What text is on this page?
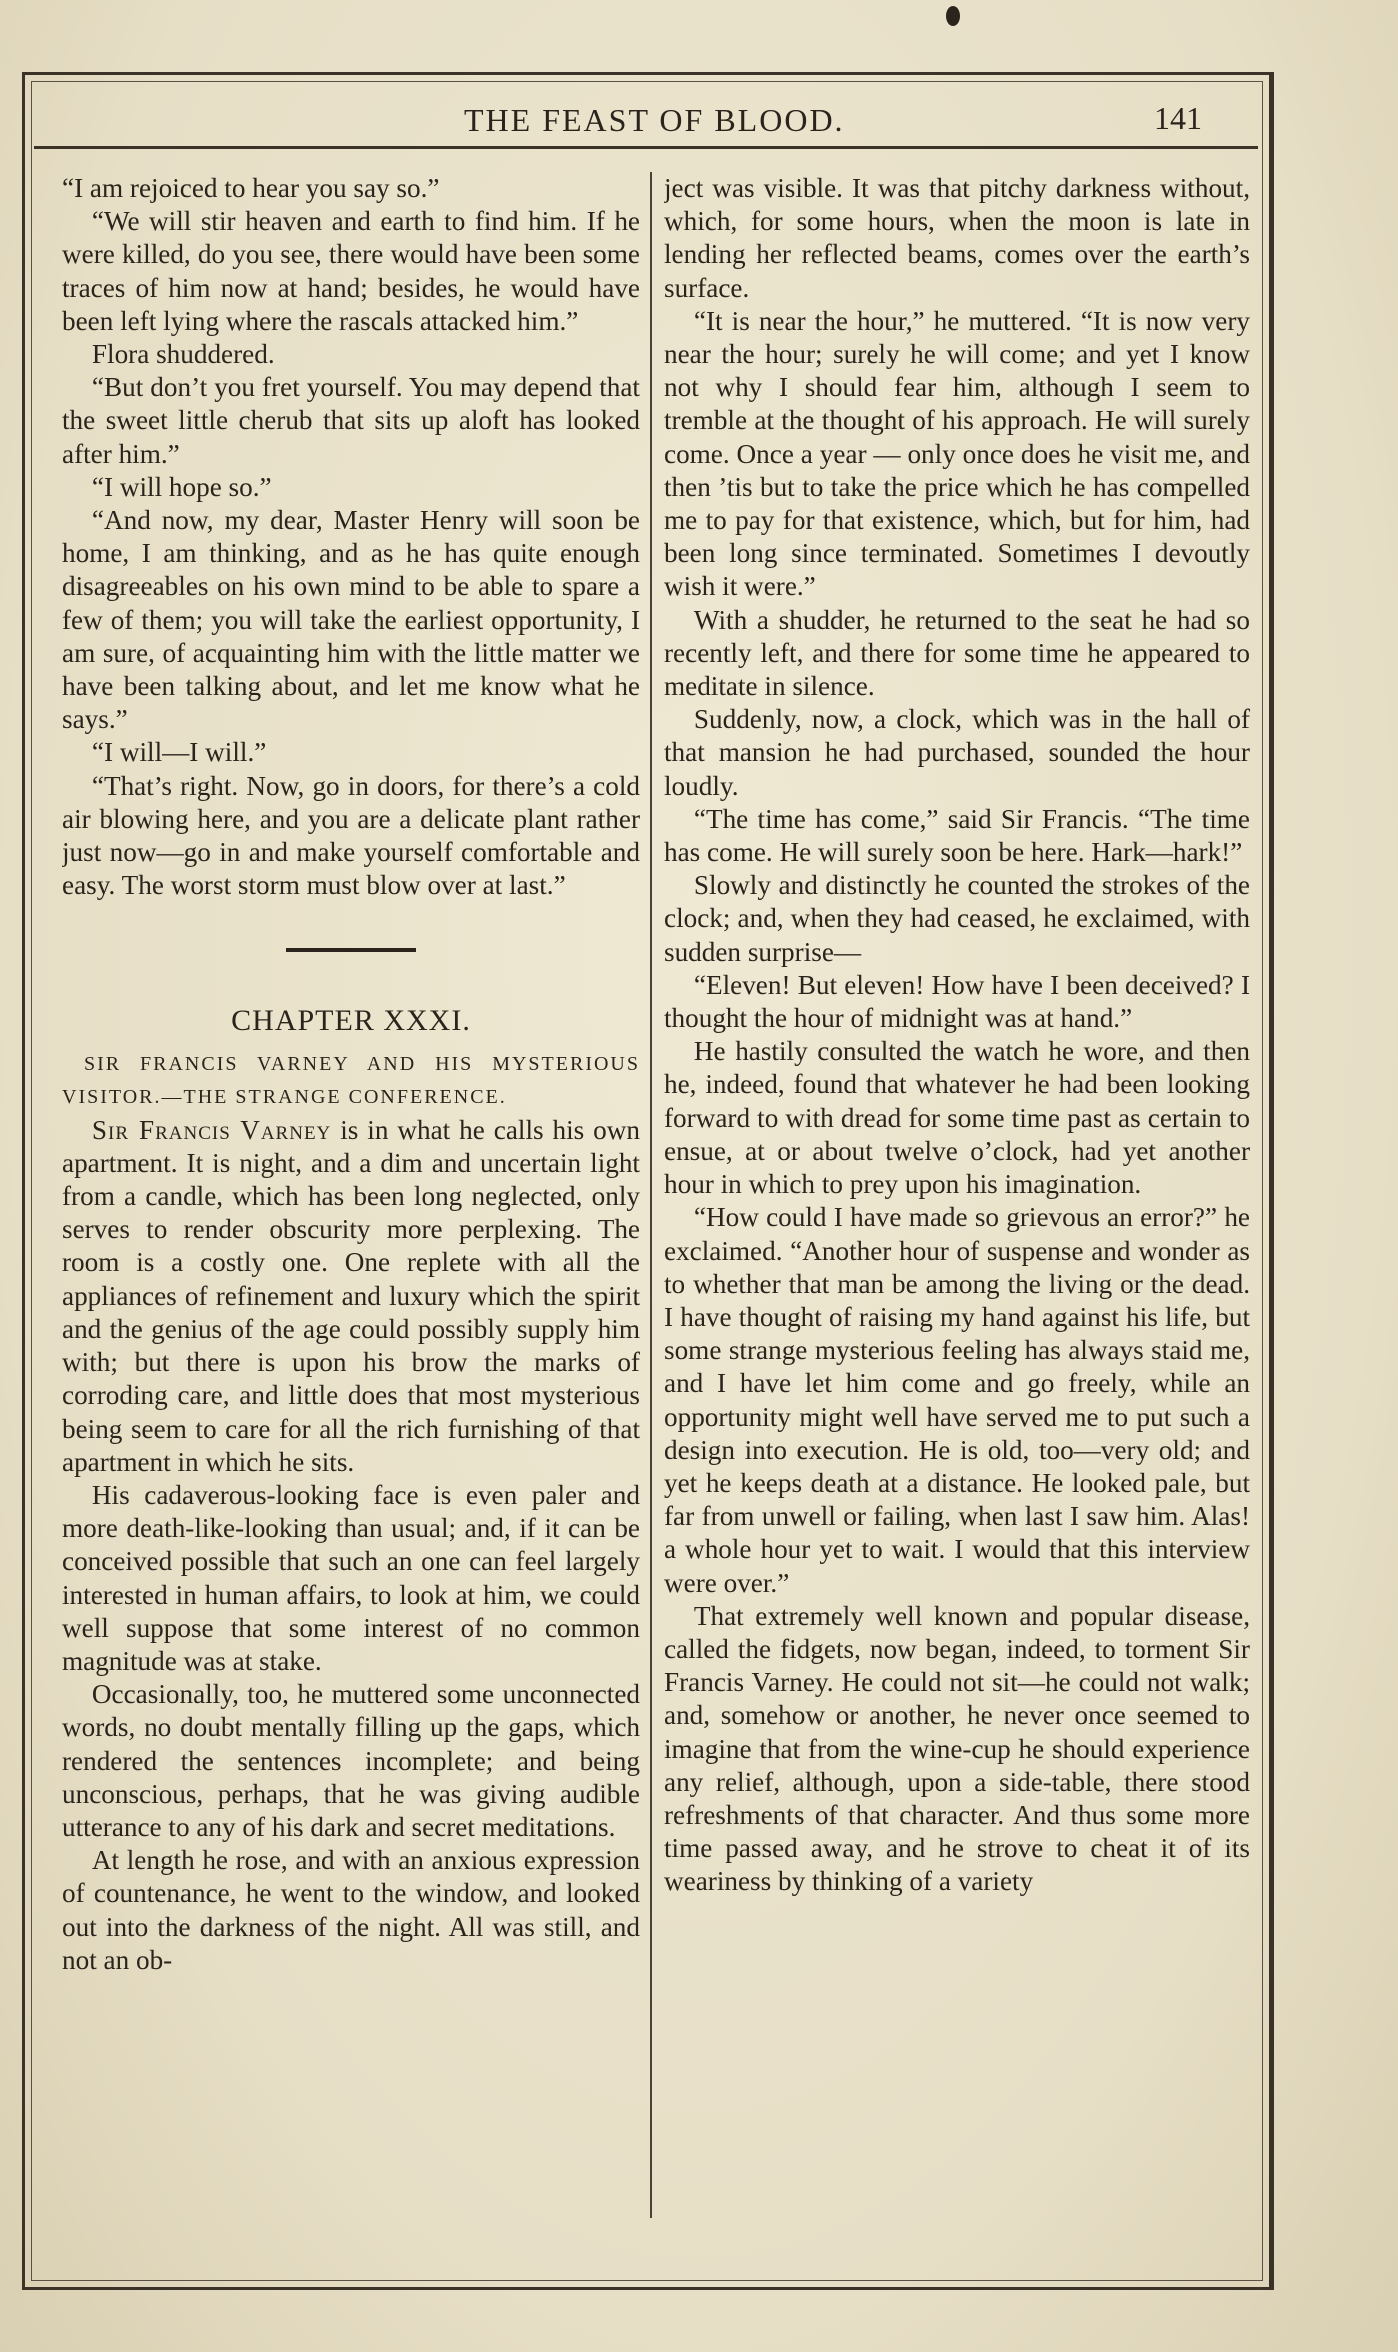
THE FEAST OF BLOOD.	141

“I am rejoiced to hear you say so.”

“We will stir heaven and earth to find him. If he were killed, do you see, there would have been some traces of him now at hand; besides, he would have been left lying where the rascals attacked him.”

Flora shuddered.

“But don’t you fret yourself. You may depend that the sweet little cherub that sits up aloft has looked after him.”

“I will hope so.”

“And now, my dear, Master Henry will soon be home, I am thinking, and as he has quite enough disagreeables on his own mind to be able to spare a few of them; you will take the earliest opportunity, I am sure, of acquainting him with the little matter we have been talking about, and let me know what he says.”

“I will—I will.”

“That’s right. Now, go in doors, for there’s a cold air blowing here, and you are a delicate plant rather just now—go in and make yourself comfortable and easy. The worst storm must blow over at last.”

CHAPTER XXXI.

SIR FRANCIS VARNEY AND HIS MYSTERIOUS VISITOR.—THE STRANGE CONFERENCE.

Sir Francis Varney is in what he calls his own apartment. It is night, and a dim and uncertain light from a candle, which has been long neglected, only serves to render obscurity more perplexing. The room is a costly one. One replete with all the appliances of refinement and luxury which the spirit and the genius of the age could possibly supply him with; but there is upon his brow the marks of corroding care, and little does that most mysterious being seem to care for all the rich furnishing of that apartment in which he sits.

His cadaverous-looking face is even paler and more death-like-looking than usual; and, if it can be conceived possible that such an one can feel largely interested in human affairs, to look at him, we could well suppose that some interest of no common magnitude was at stake.

Occasionally, too, he muttered some unconnected words, no doubt mentally filling up the gaps, which rendered the sentences incomplete; and being unconscious, perhaps, that he was giving audible utterance to any of his dark and secret meditations.

At length he rose, and with an anxious expression of countenance, he went to the window, and looked out into the darkness of the night. All was still, and not an ob-

ject was visible. It was that pitchy darkness without, which, for some hours, when the moon is late in lending her reflected beams, comes over the earth’s surface.

“It is near the hour,” he muttered. “It is now very near the hour; surely he will come; and yet I know not why I should fear him, although I seem to tremble at the thought of his approach. He will surely come. Once a year — only once does he visit me, and then ’tis but to take the price which he has compelled me to pay for that existence, which, but for him, had been long since terminated. Sometimes I devoutly wish it were.”

With a shudder, he returned to the seat he had so recently left, and there for some time he appeared to meditate in silence.

Suddenly, now, a clock, which was in the hall of that mansion he had purchased, sounded the hour loudly.

“The time has come,” said Sir Francis. “The time has come. He will surely soon be here. Hark—hark!”

Slowly and distinctly he counted the strokes of the clock; and, when they had ceased, he exclaimed, with sudden surprise—

“Eleven! But eleven! How have I been deceived? I thought the hour of midnight was at hand.”

He hastily consulted the watch he wore, and then he, indeed, found that whatever he had been looking forward to with dread for some time past as certain to ensue, at or about twelve o’clock, had yet another hour in which to prey upon his imagination.

“How could I have made so grievous an error?” he exclaimed. “Another hour of suspense and wonder as to whether that man be among the living or the dead. I have thought of raising my hand against his life, but some strange mysterious feeling has always staid me, and I have let him come and go freely, while an opportunity might well have served me to put such a design into execution. He is old, too—very old; and yet he keeps death at a distance. He looked pale, but far from unwell or failing, when last I saw him. Alas! a whole hour yet to wait. I would that this interview were over.”

That extremely well known and popular disease, called the fidgets, now began, indeed, to torment Sir Francis Varney. He could not sit—he could not walk; and, somehow or another, he never once seemed to imagine that from the wine-cup he should experience any relief, although, upon a side-table, there stood refreshments of that character. And thus some more time passed away, and he strove to cheat it of its weariness by thinking of a variety
